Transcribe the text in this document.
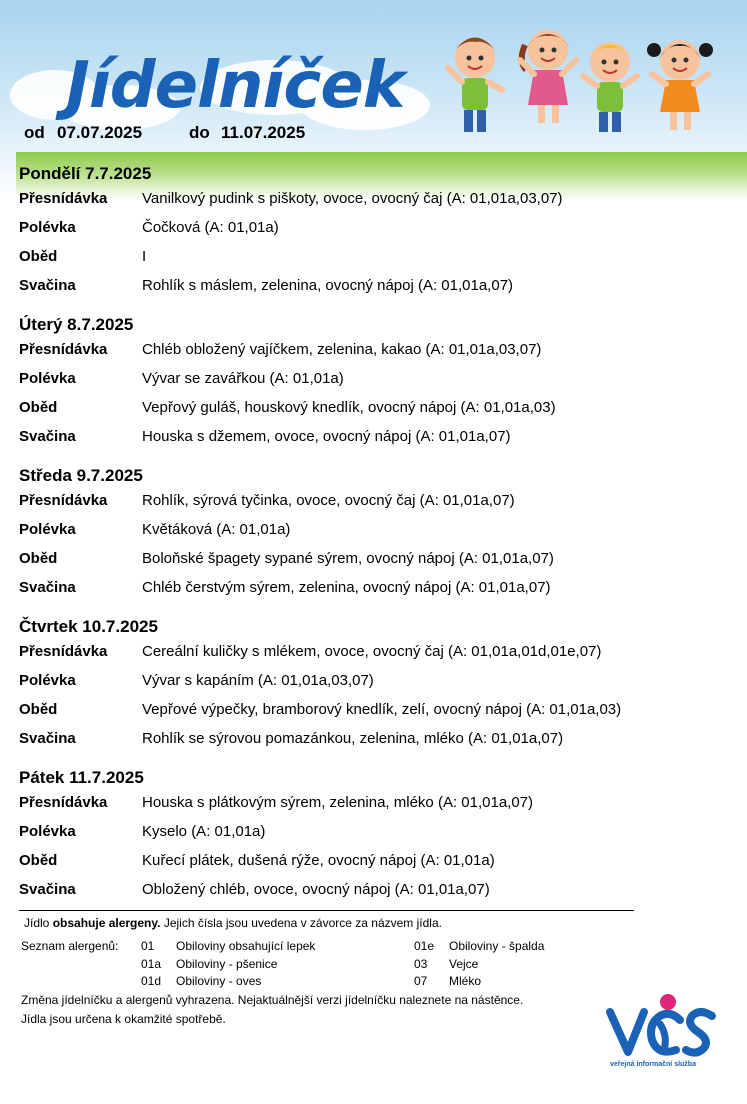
Jídelníček
od 07.07.2025	do 11.07.2025
Pondělí 7.7.2025
Přesnídávka Vanilkový pudink s piškoty, ovoce, ovocný čaj (A: 01,01a,03,07)
Polévka	Čočková (A: 01,01a)
Oběd	I
Svačina	Rohlík s máslem, zelenina, ovocný nápoj (A: 01,01a,07)
Úterý 8.7.2025
Přesnídávka Chléb obložený vajíčkem, zelenina, kakao (A: 01,01a,03,07)
Polévka	Vývar se zavářkou (A: 01,01a)
Oběd	Vepřový guláš, houskový knedlík, ovocný nápoj (A: 01,01a,03)
Svačina	Houska s džemem, ovoce, ovocný nápoj (A: 01,01a,07)
Středa 9.7.2025
Přesnídávka Rohlík, sýrová tyčinka, ovoce, ovocný čaj (A: 01,01a,07)
Polévka	Květáková (A: 01,01a)
Oběd	Boloňské špagety sypané sýrem, ovocný nápoj (A: 01,01a,07)
Svačina	Chléb čerstvým sýrem, zelenina, ovocný nápoj (A: 01,01a,07)
Čtvrtek 10.7.2025
Přesnídávka Cereální kuličky s mlékem, ovoce, ovocný čaj (A: 01,01a,01d,01e,07)
Polévka	Vývar s kapáním (A: 01,01a,03,07)
Oběd	Vepřové výpečky, bramborový knedlík, zelí, ovocný nápoj (A: 01,01a,03)
Svačina	Rohlík se sýrovou pomazánkou, zelenina, mléko (A: 01,01a,07)
Pátek 11.7.2025
Přesnídávka Houska s plátkovým sýrem, zelenina, mléko (A: 01,01a,07)
Polévka	Kyselo (A: 01,01a)
Oběd	Kuřecí plátek, dušená rýže, ovocný nápoj (A: 01,01a)
Svačina	Obložený chléb, ovoce, ovocný nápoj (A: 01,01a,07)
Jídlo obsahuje alergeny. Jejich čísla jsou uvedena v závorce za názvem jídla.
Seznam alergenů: 01 Obiloviny obsahující lepek
01a Obiloviny - pšenice
01d Obiloviny - oves
01e Obiloviny - špalda
03 Vejce
07 Mléko
Změna jídelníčku a alergenů vyhrazena. Nejaktuálnější verzi jídelníčku naleznete na nástěnce.
Jídla jsou určena k okamžité spotřebě.
veřejná informační služba
